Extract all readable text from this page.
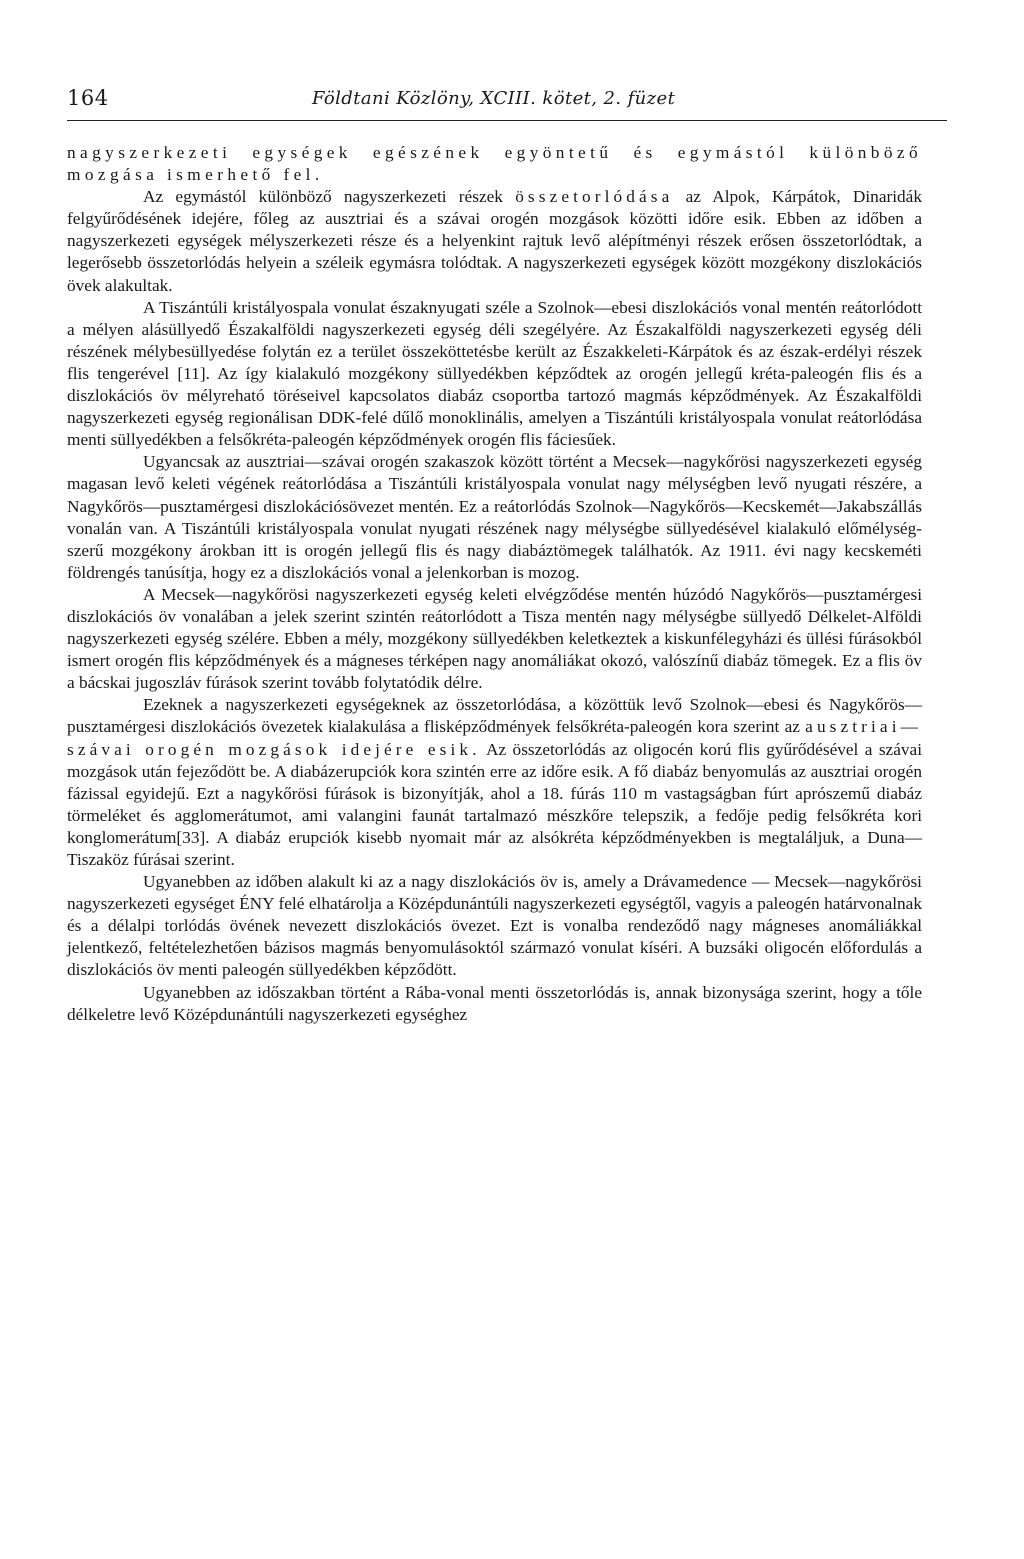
164	Földtani Közlöny, XCIII. kötet, 2. füzet

nagyszerkezeti egységek egészének egyöntetű és egymástól különböző mozgása ismerhető fel.

Az egymástól különböző nagyszerkezeti részek összetorlódása az Alpok, Kárpátok, Dinaridák felgyűrődésének idejére, főleg az ausztriai és a szávai orogén mozgások közötti időre esik. Ebben az időben a nagyszerkezeti egységek mélyszerkezeti része és a helyenkint rajtuk levő alépítményi részek erősen összetorlódtak, a legerősebb összetorlódás helyein a széleik egymásra tolódtak. A nagyszerkezeti egységek között mozgékony diszlokációs övek alakultak.

A Tiszántúli kristályospala vonulat északnyugati széle a Szolnok—ebesi diszlokációs vonal mentén reátorlódott a mélyen alásüllyedő Északalföldi nagyszerkezeti egység déli szegélyére. Az Északalföldi nagyszerkezeti egység déli részének mélybesüllyedése folytán ez a terület összeköttetésbe került az Északkeleti-Kárpátok és az észak-erdélyi részek flis tengerével [11]. Az így kialakuló mozgékony süllyedékben képződtek az orogén jellegű kréta-paleogén flis és a diszlokációs öv mélyreható töréseivel kapcsolatos diabáz csoportba tartozó magmás képződmények. Az Északalföldi nagyszerkezeti egység regionálisan DDK-felé dűlő monoklinális, amelyen a Tiszántúli kristályospala vonulat reátorlódása menti süllyedékben a felsőkréta-paleogén képződmények orogén flis fáciesűek.

Ugyancsak az ausztriai—szávai orogén szakaszok között történt a Mecsek—nagykőrösi nagyszerkezeti egység magasan levő keleti végének reátorlódása a Tiszántúli kristályospala vonulat nagy mélységben levő nyugati részére, a Nagykőrös—pusztamérgesi diszlokációsövezet mentén. Ez a reátorlódás Szolnok—Nagykőrös—Kecskemét—Jakabszállás vonalán van. A Tiszántúli kristályospala vonulat nyugati részének nagy mélységbe süllyedésével kialakuló előmélység-szerű mozgékony árokban itt is orogén jellegű flis és nagy diabáztömegek találhatók. Az 1911. évi nagy kecskeméti földrengés tanúsítja, hogy ez a diszlokációs vonal a jelenkorban is mozog.

A Mecsek—nagykőrösi nagyszerkezeti egység keleti elvégződése mentén húzódó Nagykőrös—pusztamérgesi diszlokációs öv vonalában a jelek szerint szintén reátorlódott a Tisza mentén nagy mélységbe süllyedő Délkelet-Alföldi nagyszerkezeti egység szélére. Ebben a mély, mozgékony süllyedékben keletkeztek a kiskunfélegyházi és üllési fúrásokból ismert orogén flis képződmények és a mágneses térképen nagy anomáliákat okozó, valószínű diabáz tömegek. Ez a flis öv a bácskai jugoszláv fúrások szerint tovább folytatódik délre.

Ezeknek a nagyszerkezeti egységeknek az összetorlódása, a közöttük levő Szolnok—ebesi és Nagykőrös—pusztamérgesi diszlokációs övezetek kialakulása a flisképződmények felsőkréta-paleogén kora szerint az ausztriai—szávai orogén mozgások idejére esik. Az összetorlódás az oligocén korú flis gyűrődésével a szávai mozgások után fejeződött be. A diabázerupciók kora szintén erre az időre esik. A fő diabáz benyomulás az ausztriai orogén fázissal egyidejű. Ezt a nagykőrösi fúrások is bizonyítják, ahol a 18. fúrás 110 m vastagságban fúrt aprószemű diabáz törmeléket és agglomerátumot, ami valangini faunát tartalmazó mészkőre telepszik, a fedője pedig felsőkréta kori konglomerátum[33]. A diabáz erupciók kisebb nyomait már az alsókréta képződményekben is megtaláljuk, a Duna—Tiszaköz fúrásai szerint.

Ugyanebben az időben alakult ki az a nagy diszlokációs öv is, amely a Drávamedence — Mecsek—nagykőrösi nagyszerkezeti egységet ÉNY felé elhatárolja a Középdunántúli nagyszerkezeti egységtől, vagyis a paleogén határvonalnak és a délalpi torlódás övének nevezett diszlokációs övezet. Ezt is vonalba rendeződő nagy mágneses anomáliákkal jelentkező, feltételezhetően bázisos magmás benyomulásoktól származó vonulat kíséri. A buzsáki oligocén előfordulás a diszlokációs öv menti paleogén süllyedékben képződött.

Ugyanebben az időszakban történt a Rába-vonal menti összetorlódás is, annak bizonysága szerint, hogy a tőle délkeletre levő Középdunántúli nagyszerkezeti egységhez
